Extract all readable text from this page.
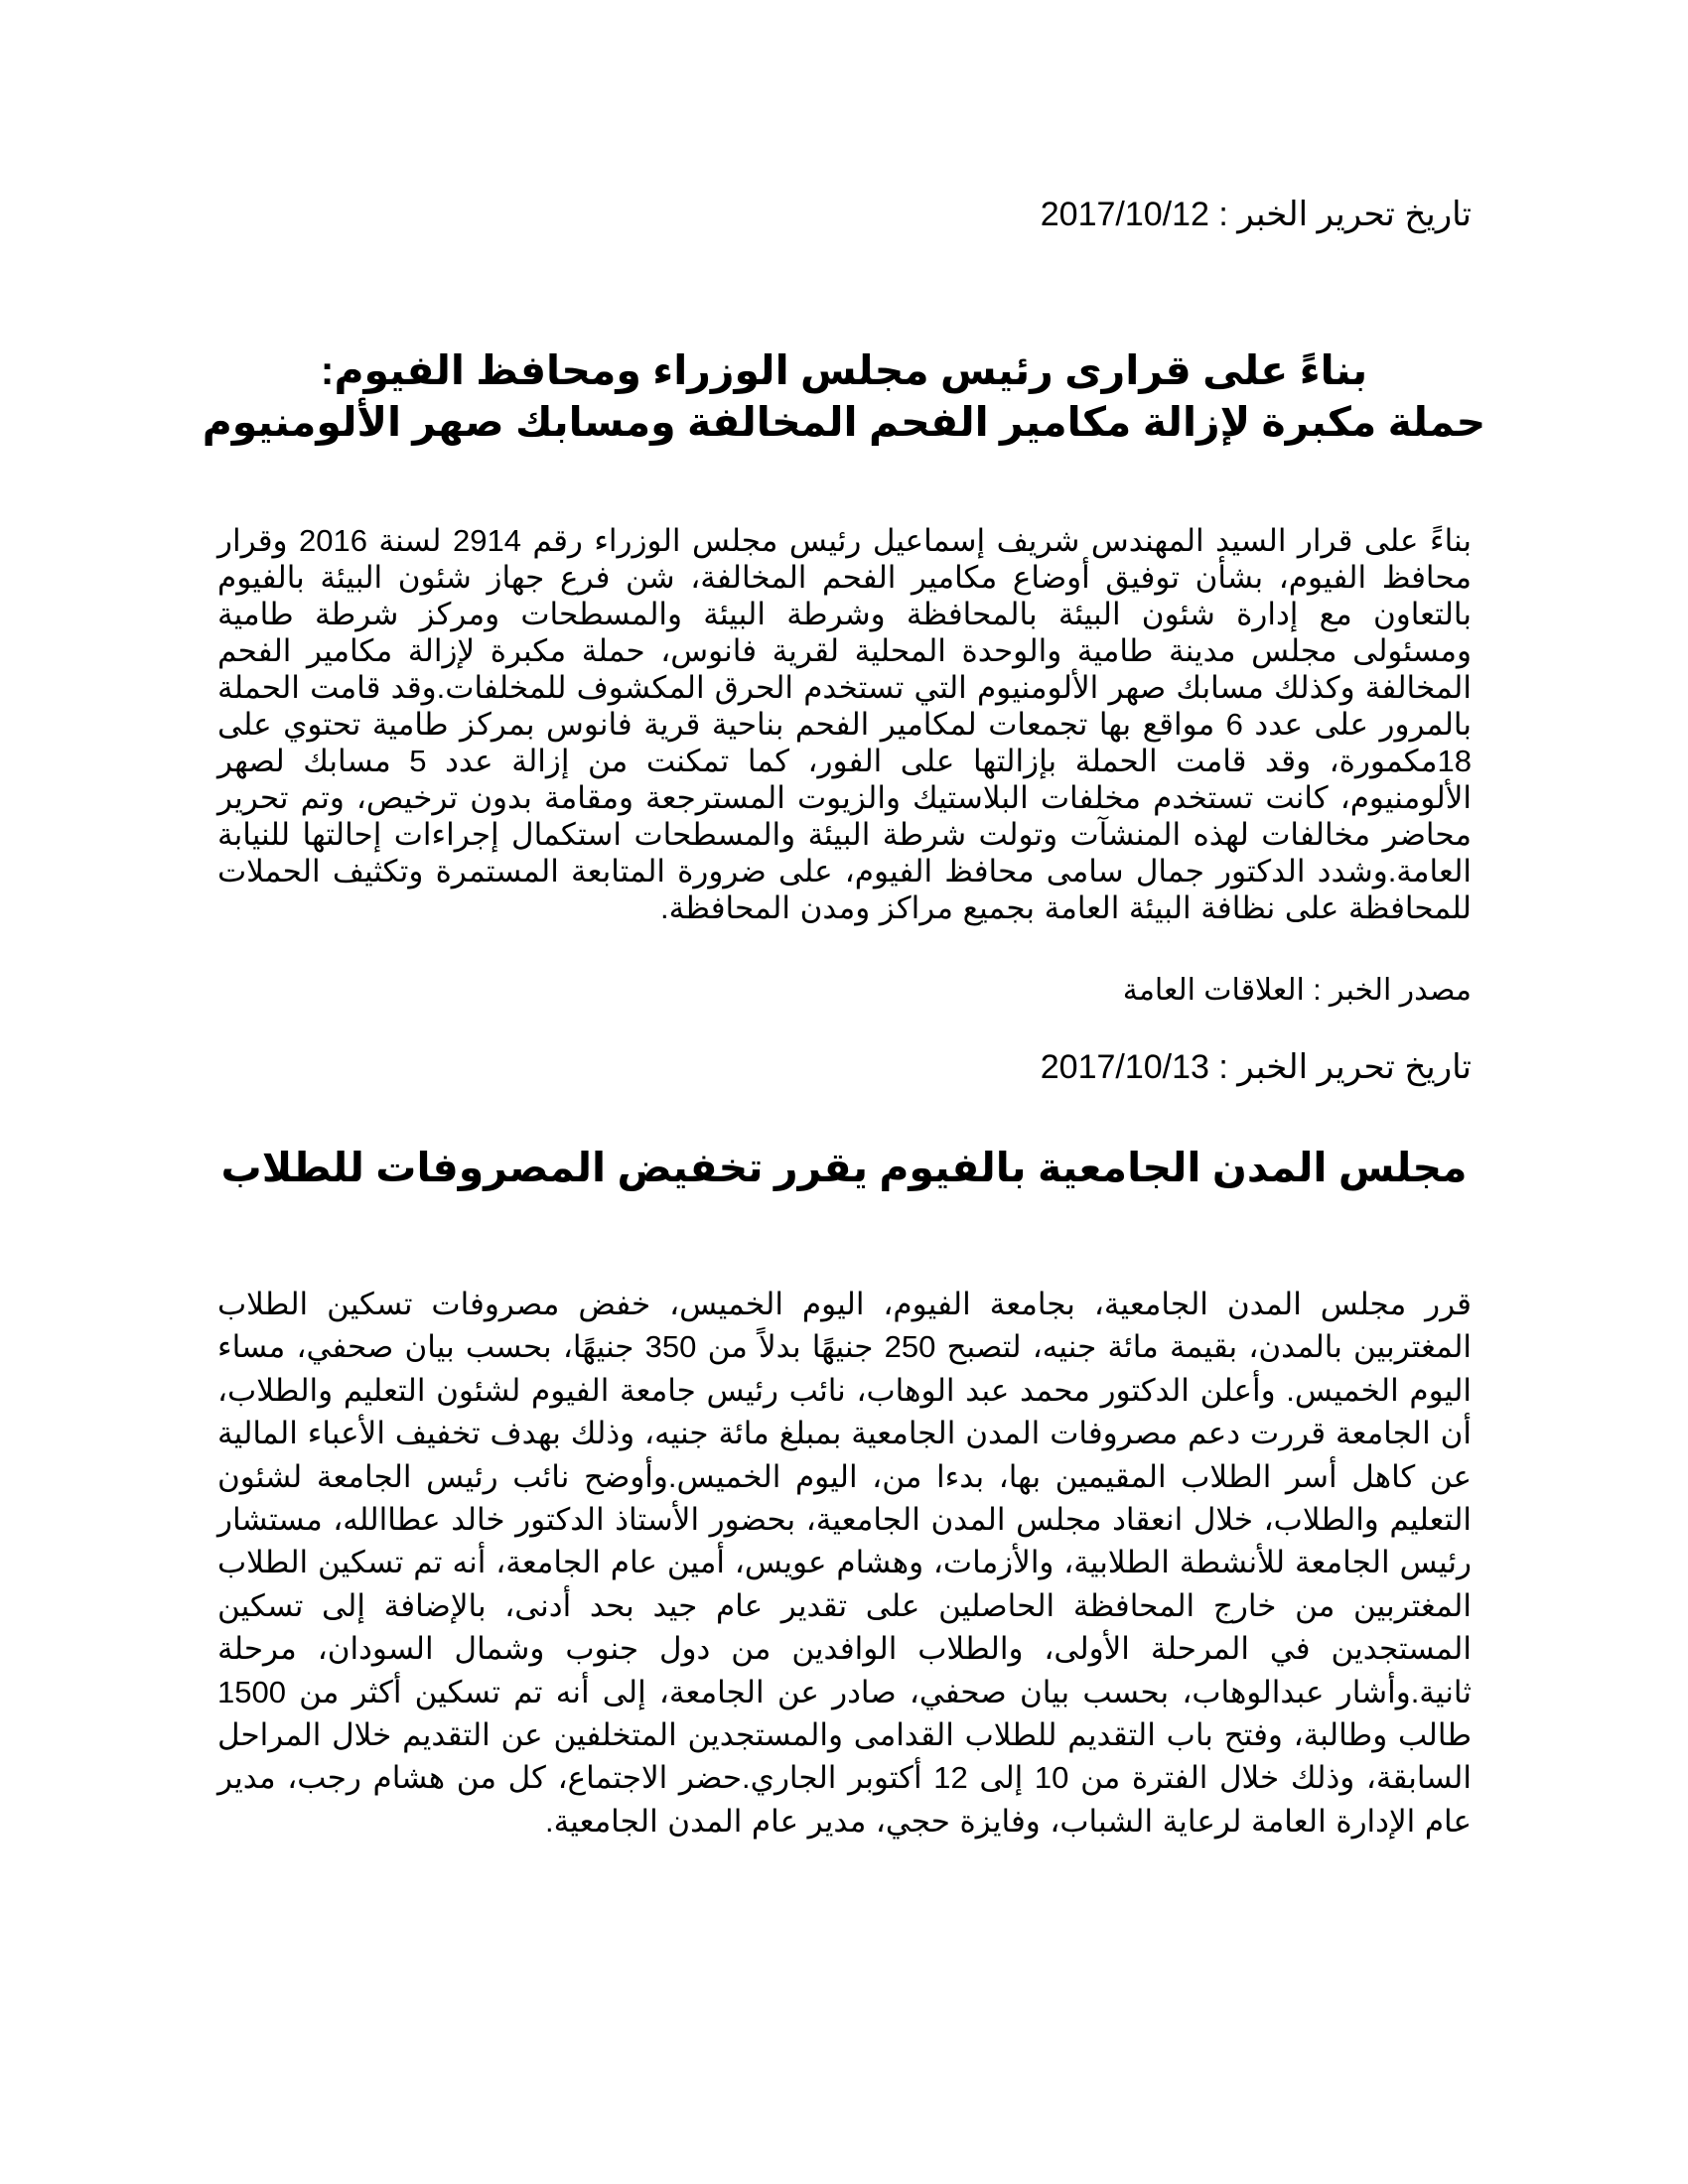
تاريخ تحرير الخبر : 2017/10/12
بناءً على قرارى رئيس مجلس الوزراء ومحافظ الفيوم:
حملة مكبرة لإزالة مكامير الفحم المخالفة ومسابك صهر الألومنيوم
بناءً على قرار السيد المهندس شريف إسماعيل رئيس مجلس الوزراء رقم 2914 لسنة 2016 وقرار محافظ الفيوم، بشأن توفيق أوضاع مكامير الفحم المخالفة، شن فرع جهاز شئون البيئة بالفيوم بالتعاون مع إدارة شئون البيئة بالمحافظة وشرطة البيئة والمسطحات ومركز شرطة طامية ومسئولى مجلس مدينة طامية والوحدة المحلية لقرية فانوس، حملة مكبرة لإزالة مكامير الفحم المخالفة وكذلك مسابك صهر الألومنيوم التي تستخدم الحرق المكشوف للمخلفات.وقد قامت الحملة بالمرور على عدد 6 مواقع بها تجمعات لمكامير الفحم بناحية قرية فانوس بمركز طامية تحتوي على 18مكمورة، وقد قامت الحملة بإزالتها على الفور، كما تمكنت من إزالة عدد 5 مسابك لصهر الألومنيوم، كانت تستخدم مخلفات البلاستيك والزيوت المسترجعة ومقامة بدون ترخيص، وتم تحرير محاضر مخالفات لهذه المنشآت وتولت شرطة البيئة والمسطحات استكمال إجراءات إحالتها للنيابة العامة.وشدد الدكتور جمال سامى محافظ الفيوم، على ضرورة المتابعة المستمرة وتكثيف الحملات للمحافظة على نظافة البيئة العامة بجميع مراكز ومدن المحافظة.
مصدر الخبر : العلاقات العامة
تاريخ تحرير الخبر : 2017/10/13
مجلس المدن الجامعية بالفيوم يقرر تخفيض المصروفات للطلاب
قرر مجلس المدن الجامعية، بجامعة الفيوم، اليوم الخميس، خفض مصروفات تسكين الطلاب المغتربين بالمدن، بقيمة مائة جنيه، لتصبح 250 جنيهًا بدلاً من 350 جنيهًا، بحسب بيان صحفي، مساء اليوم الخميس. وأعلن الدكتور محمد عبد الوهاب، نائب رئيس جامعة الفيوم لشئون التعليم والطلاب، أن الجامعة قررت دعم مصروفات المدن الجامعية بمبلغ مائة جنيه، وذلك بهدف تخفيف الأعباء المالية عن كاهل أسر الطلاب المقيمين بها، بدءا من، اليوم الخميس.وأوضح نائب رئيس الجامعة لشئون التعليم والطلاب، خلال انعقاد مجلس المدن الجامعية، بحضور الأستاذ الدكتور خالد عطاالله، مستشار رئيس الجامعة للأنشطة الطلابية، والأزمات، وهشام عويس، أمين عام الجامعة، أنه تم تسكين الطلاب المغتربين من خارج المحافظة الحاصلين على تقدير عام جيد بحد أدنى، بالإضافة إلى تسكين المستجدين في المرحلة الأولى، والطلاب الوافدين من دول جنوب وشمال السودان، مرحلة ثانية.وأشار عبدالوهاب، بحسب بيان صحفي، صادر عن الجامعة، إلى أنه تم تسكين أكثر من 1500 طالب وطالبة، وفتح باب التقديم للطلاب القدامى والمستجدين المتخلفين عن التقديم خلال المراحل السابقة، وذلك خلال الفترة من 10 إلى 12 أكتوبر الجاري.حضر الاجتماع، كل من هشام رجب، مدير عام الإدارة العامة لرعاية الشباب، وفايزة حجي، مدير عام المدن الجامعية.
